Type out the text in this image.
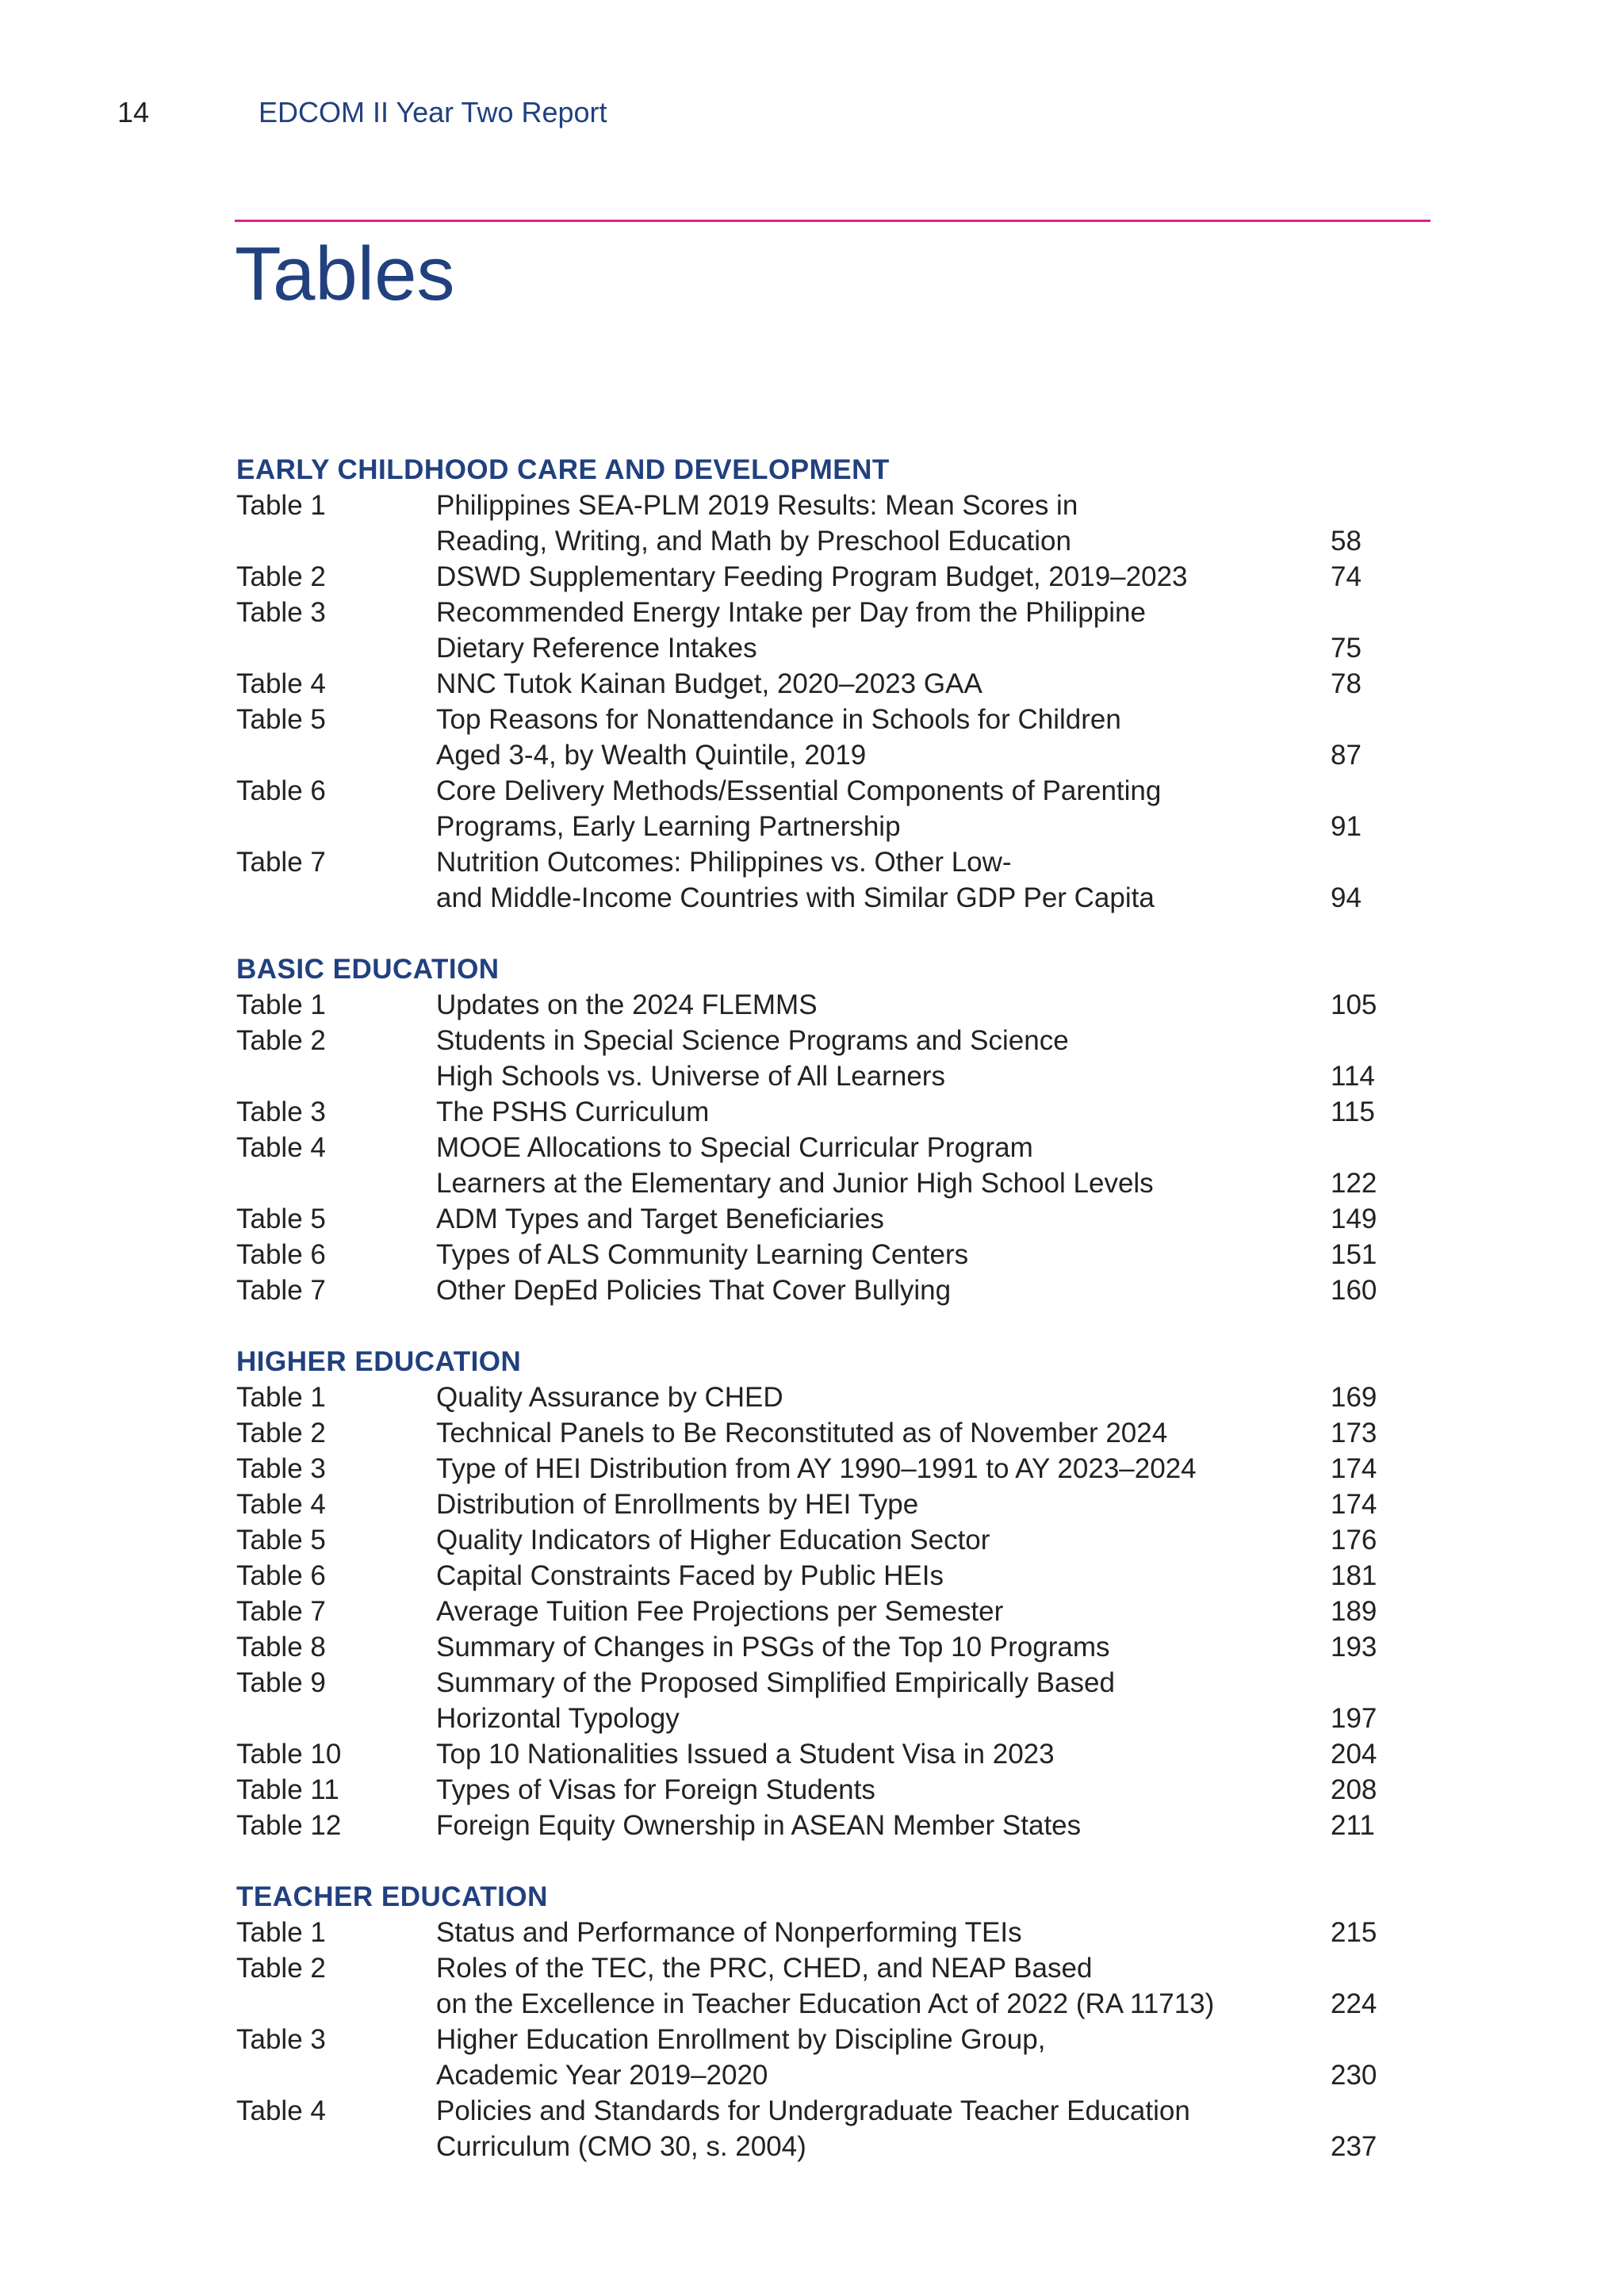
14	EDCOM II Year Two Report
Tables
EARLY CHILDHOOD CARE AND DEVELOPMENT
Table 1	Philippines SEA-PLM 2019 Results: Mean Scores in
Reading, Writing, and Math by Preschool Education	58
Table 2	DSWD Supplementary Feeding Program Budget, 2019–2023	74
Table 3	Recommended Energy Intake per Day from the Philippine
Dietary Reference Intakes	75
Table 4	NNC Tutok Kainan Budget, 2020–2023 GAA	78
Table 5	Top Reasons for Nonattendance in Schools for Children
Aged 3-4, by Wealth Quintile, 2019	87
Table 6	Core Delivery Methods/Essential Components of Parenting
Programs, Early Learning Partnership	91
Table 7	Nutrition Outcomes: Philippines vs. Other Low-
and Middle-Income Countries with Similar GDP Per Capita	94
BASIC EDUCATION
Table 1	Updates on the 2024 FLEMMS	105
Table 2	Students in Special Science Programs and Science
High Schools vs. Universe of All Learners	114
Table 3	The PSHS Curriculum	115
Table 4	MOOE Allocations to Special Curricular Program
Learners at the Elementary and Junior High School Levels	122
Table 5	ADM Types and Target Beneficiaries	149
Table 6	Types of ALS Community Learning Centers	151
Table 7	Other DepEd Policies That Cover Bullying	160
HIGHER EDUCATION
Table 1	Quality Assurance by CHED	169
Table 2	Technical Panels to Be Reconstituted as of November 2024	173
Table 3	Type of HEI Distribution from AY 1990–1991 to AY 2023–2024	174
Table 4	Distribution of Enrollments by HEI Type	174
Table 5	Quality Indicators of Higher Education Sector	176
Table 6	Capital Constraints Faced by Public HEIs	181
Table 7	Average Tuition Fee Projections per Semester	189
Table 8	Summary of Changes in PSGs of the Top 10 Programs	193
Table 9	Summary of the Proposed Simplified Empirically Based
Horizontal Typology	197
Table 10	Top 10 Nationalities Issued a Student Visa in 2023	204
Table 11	Types of Visas for Foreign Students	208
Table 12	Foreign Equity Ownership in ASEAN Member States	211
TEACHER EDUCATION
Table 1	Status and Performance of Nonperforming TEIs	215
Table 2	Roles of the TEC, the PRC, CHED, and NEAP Based
on the Excellence in Teacher Education Act of 2022 (RA 11713)	224
Table 3	Higher Education Enrollment by Discipline Group,
Academic Year 2019–2020	230
Table 4	Policies and Standards for Undergraduate Teacher Education
Curriculum (CMO 30, s. 2004)	237
